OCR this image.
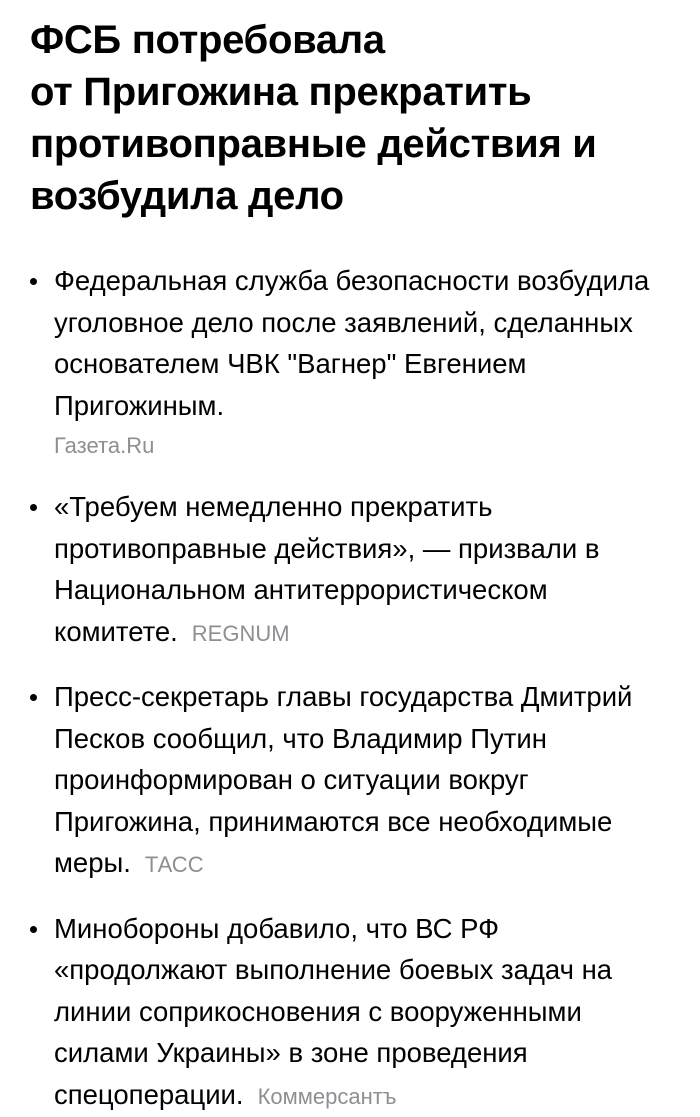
ФСБ потребовала
от Пригожина прекратить
противоправные действия и
возбудила дело
Федеральная служба безопасности возбудила уголовное дело после заявлений, сделанных основателем ЧВК "Вагнер" Евгением Пригожиным.
Газета.Ru
«Требуем немедленно прекратить противоправные действия», — призвали в Национальном антитеррористическом комитете. REGNUM
Пресс-секретарь главы государства Дмитрий Песков сообщил, что Владимир Путин проинформирован о ситуации вокруг Пригожина, принимаются все необходимые меры. ТАСС
Минобороны добавило, что ВС РФ «продолжают выполнение боевых задач на линии соприкосновения с вооруженными силами Украины» в зоне проведения спецоперации. Коммерсантъ
